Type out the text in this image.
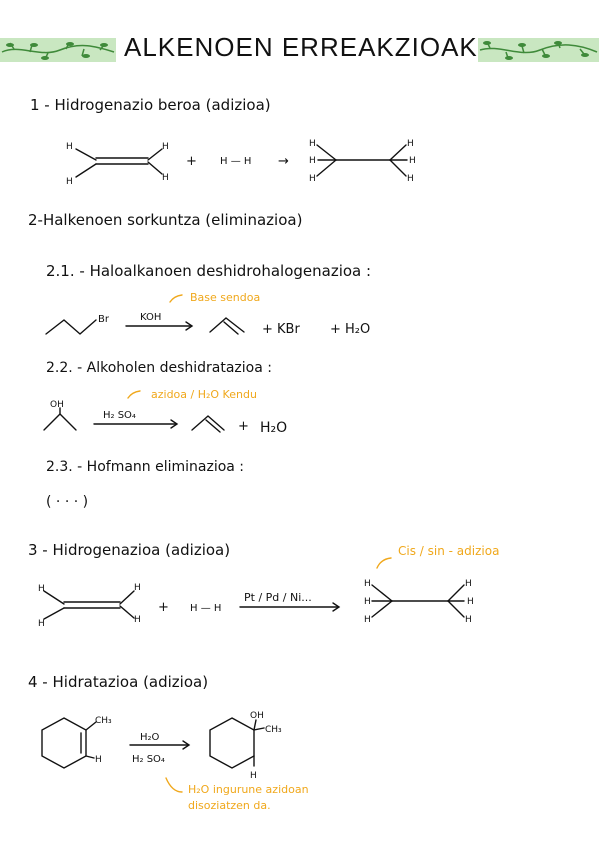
ALKENOEN ERREAKZIOAK
1 - Hidrogenazio beroa (adizioa)
2-Halkenoen sorkuntza (eliminazioa)
2.1. - Haloalkanoen deshidrohalogenazioa :
Base sendoa
2.2. - Alkoholen deshidratazioa :
azidoa / H₂O Kendu
2.3. - Hofmann eliminazioa :
( · · · )
3 - Hidrogenazioa (adizioa)	Cis / sin - adizioa
4 - Hidratazioa (adizioa)
H₂O ingurune azidoan
disoziatzen da.
H
H
H
H
H
H
H
H
H
H
H
H
H
H
H
H
H
H
H
H
CH₃
H
OH
CH₃
H
+ H — H →
Br	KOH
+ KBr + H₂O
OH
H₂ SO₄
+ H₂O
+ H — H
Pt / Pd / Ni...
H₂O
H₂ SO₄
